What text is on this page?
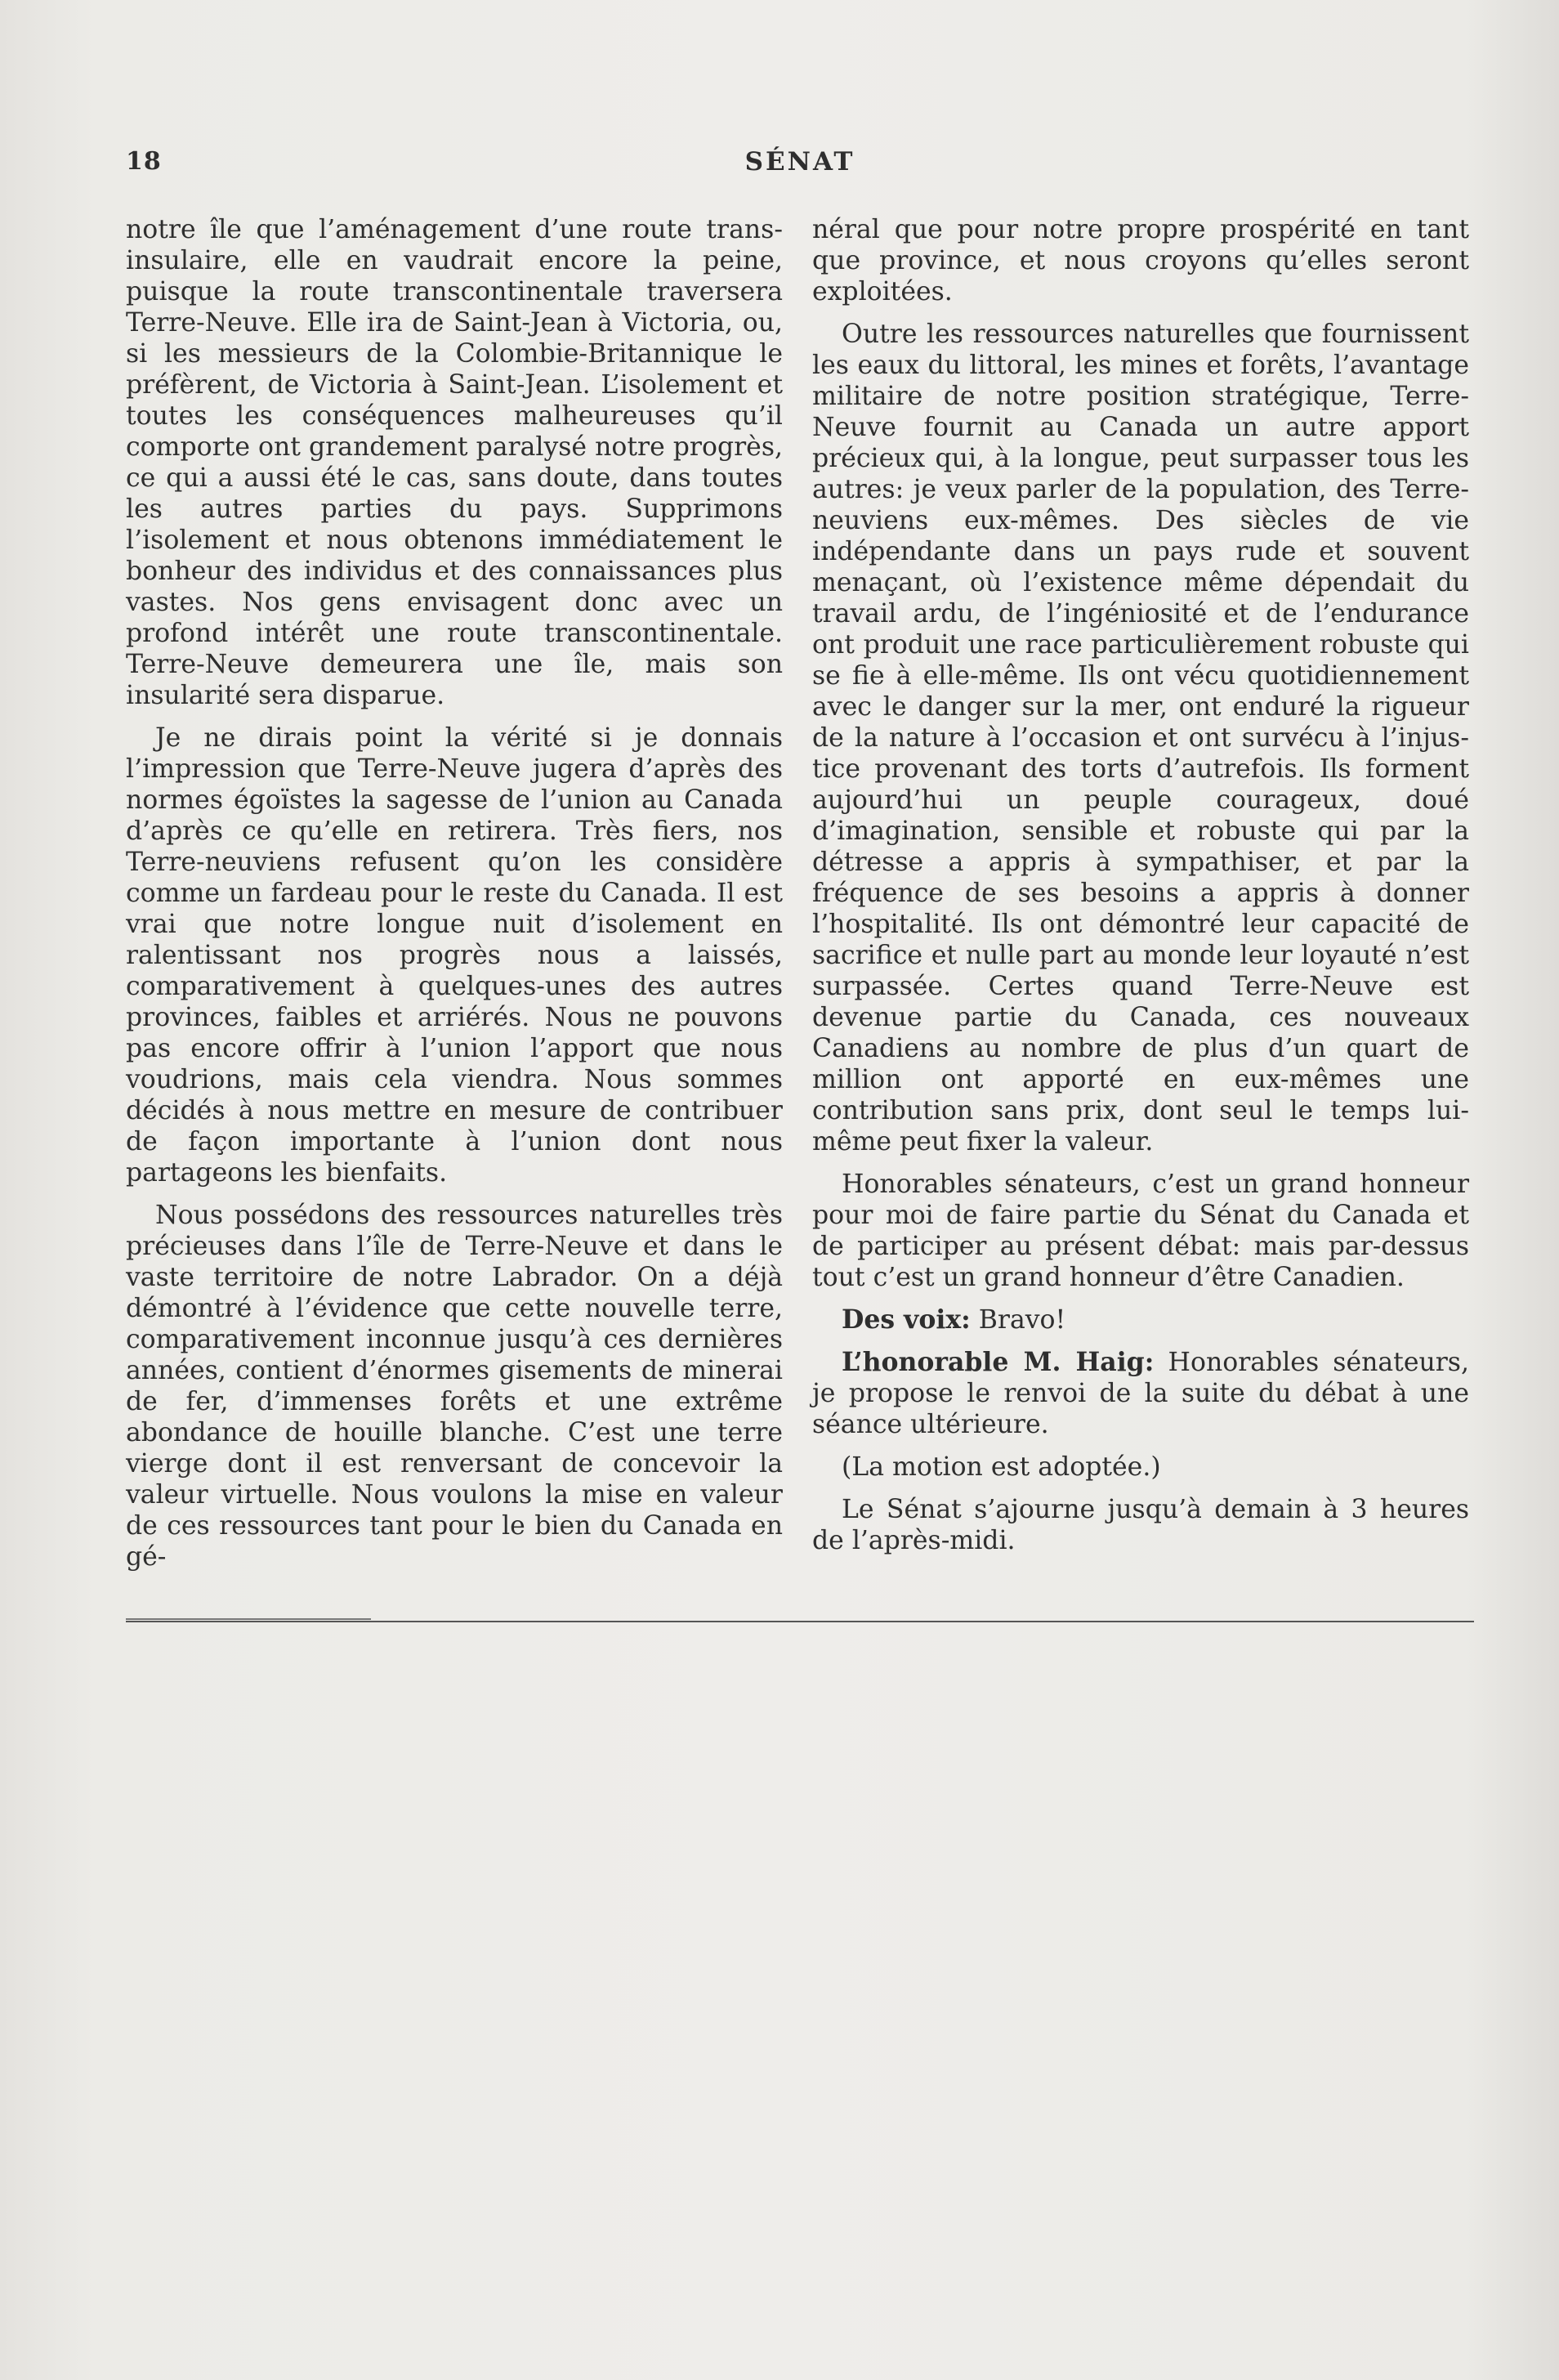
18	SÉNAT

notre île que l’aménagement d’une route trans-insulaire, elle en vaudrait encore la peine, puisque la route transcontinentale traversera Terre-Neuve. Elle ira de Saint-Jean à Victoria, ou, si les messieurs de la Colombie-Britannique le préfèrent, de Victoria à Saint-Jean. L’isolement et toutes les conséquences malheureuses qu’il comporte ont grandement paralysé notre progrès, ce qui a aussi été le cas, sans doute, dans toutes les autres parties du pays. Supprimons l’isolement et nous obtenons immédiatement le bonheur des individus et des connaissances plus vastes. Nos gens envisagent donc avec un profond intérêt une route transcontinentale. Terre-Neuve demeurera une île, mais son insularité sera disparue.

Je ne dirais point la vérité si je donnais l’impression que Terre-Neuve jugera d’après des normes égoïstes la sagesse de l’union au Canada d’après ce qu’elle en retirera. Très fiers, nos Terre-neuviens refusent qu’on les considère comme un fardeau pour le reste du Canada. Il est vrai que notre longue nuit d’isolement en ralentissant nos progrès nous a laissés, comparativement à quelques-unes des autres provinces, faibles et arriérés. Nous ne pouvons pas encore offrir à l’union l’apport que nous voudrions, mais cela viendra. Nous sommes décidés à nous mettre en mesure de contribuer de façon importante à l’union dont nous partageons les bienfaits.

Nous possédons des ressources naturelles très précieuses dans l’île de Terre-Neuve et dans le vaste territoire de notre Labrador. On a déjà démontré à l’évidence que cette nouvelle terre, comparativement inconnue jusqu’à ces dernières années, contient d’énormes gisements de minerai de fer, d’immenses forêts et une extrême abondance de houille blanche. C’est une terre vierge dont il est renversant de concevoir la valeur virtuelle. Nous voulons la mise en valeur de ces ressources tant pour le bien du Canada en gé-

néral que pour notre propre prospérité en tant que province, et nous croyons qu’elles seront exploitées.

Outre les ressources naturelles que fournissent les eaux du littoral, les mines et forêts, l’avantage militaire de notre position stratégique, Terre-Neuve fournit au Canada un autre apport précieux qui, à la longue, peut surpasser tous les autres: je veux parler de la population, des Terre-neuviens eux-mêmes. Des siècles de vie indépendante dans un pays rude et souvent menaçant, où l’existence même dépendait du travail ardu, de l’ingéniosité et de l’endurance ont produit une race particulièrement robuste qui se fie à elle-même. Ils ont vécu quotidiennement avec le danger sur la mer, ont enduré la rigueur de la nature à l’occasion et ont survécu à l’injustice provenant des torts d’autrefois. Ils forment aujourd’hui un peuple courageux, doué d’imagination, sensible et robuste qui par la détresse a appris à sympathiser, et par la fréquence de ses besoins a appris à donner l’hospitalité. Ils ont démontré leur capacité de sacrifice et nulle part au monde leur loyauté n’est surpassée. Certes quand Terre-Neuve est devenue partie du Canada, ces nouveaux Canadiens au nombre de plus d’un quart de million ont apporté en eux-mêmes une contribution sans prix, dont seul le temps lui-même peut fixer la valeur.

Honorables sénateurs, c’est un grand honneur pour moi de faire partie du Sénat du Canada et de participer au présent débat: mais par-dessus tout c’est un grand honneur d’être Canadien.

Des voix: Bravo!

L’honorable M. Haig: Honorables sénateurs, je propose le renvoi de la suite du débat à une séance ultérieure.

(La motion est adoptée.)

Le Sénat s’ajourne jusqu’à demain à 3 heures de l’après-midi.
